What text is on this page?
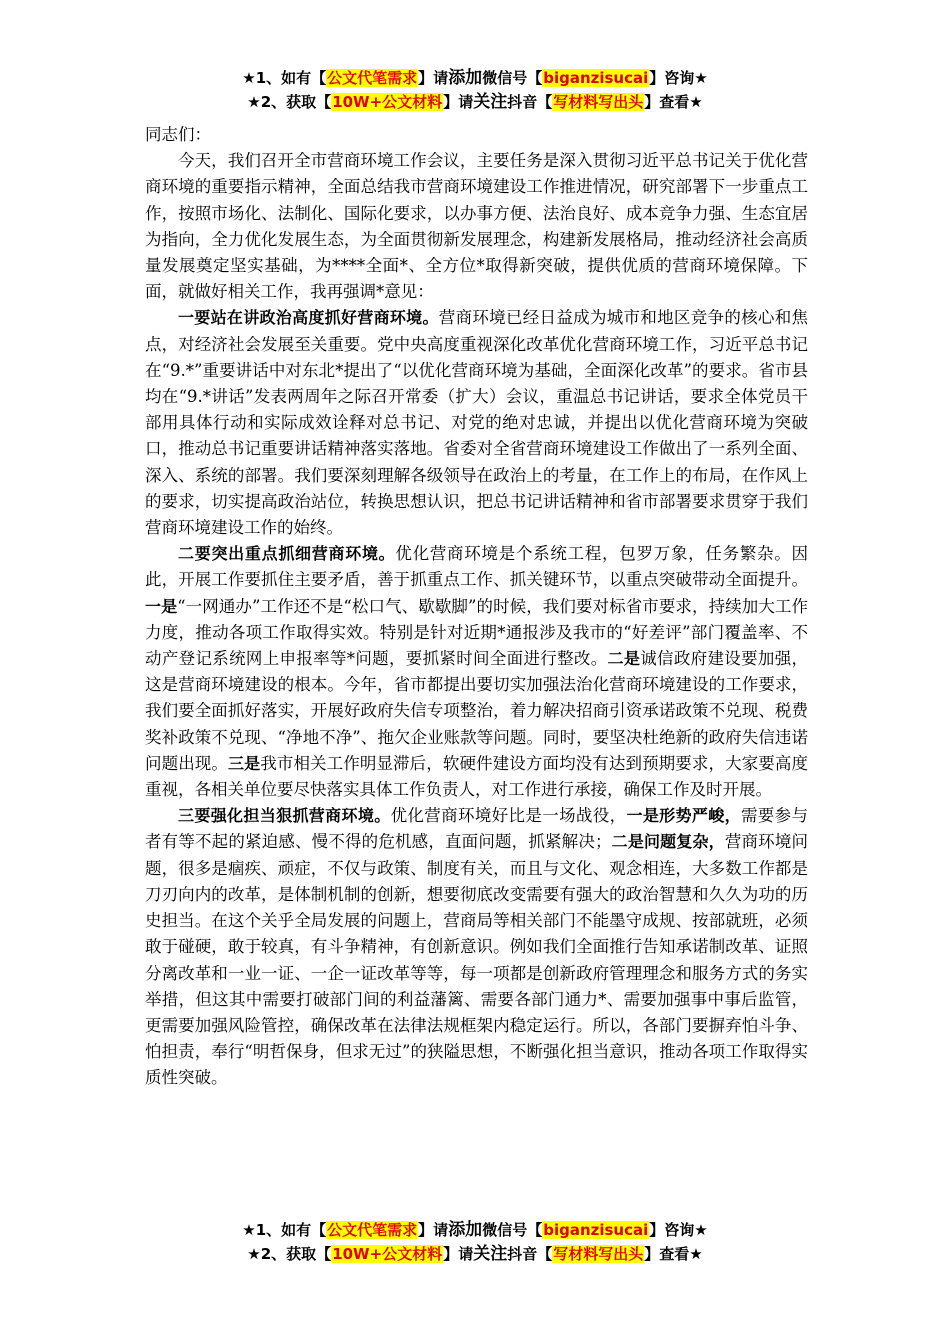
★1、如有【公文代笔需求】请添加微信号【biganzisucai】咨询★
★2、获取【10W+公文材料】请关注抖音【写材料写出头】查看★

同志们：

今天，我们召开全市营商环境工作会议，主要任务是深入贯彻习近平总书记关于优化营商环境的重要指示精神，全面总结我市营商环境建设工作推进情况，研究部署下一步重点工作，按照市场化、法制化、国际化要求，以办事方便、法治良好、成本竞争力强、生态宜居为指向，全力优化发展生态，为全面贯彻新发展理念，构建新发展格局，推动经济社会高质量发展奠定坚实基础，为****全面*、全方位*取得新突破，提供优质的营商环境保障。下面，就做好相关工作，我再强调*意见：

一要站在讲政治高度抓好营商环境。营商环境已经日益成为城市和地区竞争的核心和焦点，对经济社会发展至关重要。党中央高度重视深化改革优化营商环境工作，习近平总书记在“9.*”重要讲话中对东北*提出了“以优化营商环境为基础，全面深化改革”的要求。省市县均在“9.*讲话”发表两周年之际召开常委（扩大）会议，重温总书记讲话，要求全体党员干部用具体行动和实际成效诠释对总书记、对党的绝对忠诚，并提出以优化营商环境为突破口，推动总书记重要讲话精神落实落地。省委对全省营商环境建设工作做出了一系列全面、深入、系统的部署。我们要深刻理解各级领导在政治上的考量，在工作上的布局，在作风上的要求，切实提高政治站位，转换思想认识，把总书记讲话精神和省市部署要求贯穿于我们营商环境建设工作的始终。

二要突出重点抓细营商环境。优化营商环境是个系统工程，包罗万象，任务繁杂。因此，开展工作要抓住主要矛盾，善于抓重点工作、抓关键环节，以重点突破带动全面提升。一是“一网通办”工作还不是“松口气、歇歇脚”的时候，我们要对标省市要求，持续加大工作力度，推动各项工作取得实效。特别是针对近期*通报涉及我市的“好差评”部门覆盖率、不动产登记系统网上申报率等*问题，要抓紧时间全面进行整改。二是诚信政府建设要加强，这是营商环境建设的根本。今年，省市都提出要切实加强法治化营商环境建设的工作要求，我们要全面抓好落实，开展好政府失信专项整治，着力解决招商引资承诺政策不兑现、税费奖补政策不兑现、“净地不净”、拖欠企业账款等问题。同时，要坚决杜绝新的政府失信违诺问题出现。三是我市相关工作明显滞后，软硬件建设方面均没有达到预期要求，大家要高度重视，各相关单位要尽快落实具体工作负责人，对工作进行承接，确保工作及时开展。

三要强化担当狠抓营商环境。优化营商环境好比是一场战役，一是形势严峻，需要参与者有等不起的紧迫感、慢不得的危机感，直面问题，抓紧解决；二是问题复杂，营商环境问题，很多是痼疾、顽症，不仅与政策、制度有关，而且与文化、观念相连，大多数工作都是刀刃向内的改革，是体制机制的创新，想要彻底改变需要有强大的政治智慧和久久为功的历史担当。在这个关乎全局发展的问题上，营商局等相关部门不能墨守成规、按部就班，必须敢于碰硬，敢于较真，有斗争精神，有创新意识。例如我们全面推行告知承诺制改革、证照分离改革和一业一证、一企一证改革等等，每一项都是创新政府管理理念和服务方式的务实举措，但这其中需要打破部门间的利益藩篱、需要各部门通力*、需要加强事中事后监管，更需要加强风险管控，确保改革在法律法规框架内稳定运行。所以，各部门要摒弃怕斗争、怕担责，奉行“明哲保身，但求无过”的狭隘思想，不断强化担当意识，推动各项工作取得实质性突破。

★1、如有【公文代笔需求】请添加微信号【biganzisucai】咨询★
★2、获取【10W+公文材料】请关注抖音【写材料写出头】查看★
